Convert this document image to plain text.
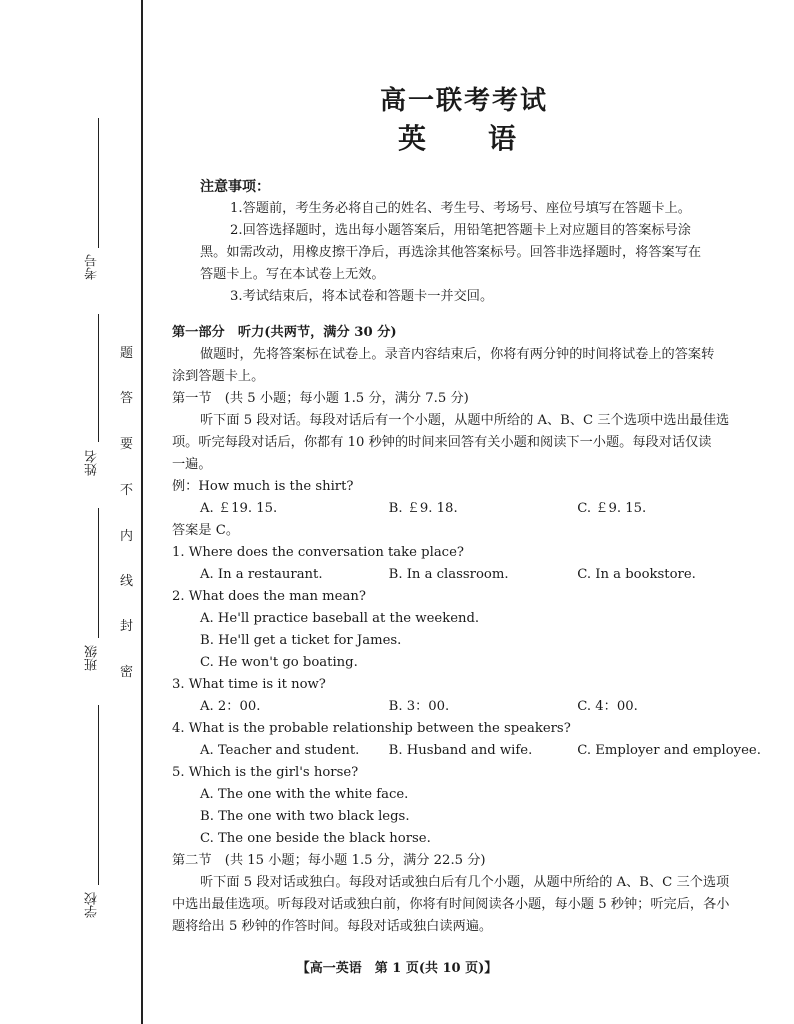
考号
姓名
班级
学校
题
答
要
不
内
线
封
密
高一联考考试
英语
注意事项：

1.答题前，考生务必将自己的姓名、考生号、考场号、座位号填写在答题卡上。

2.回答选择题时，选出每小题答案后，用铅笔把答题卡上对应题目的答案标号涂

黑。如需改动，用橡皮擦干净后，再选涂其他答案标号。回答非选择题时，将答案写在

答题卡上。写在本试卷上无效。

3.考试结束后，将本试卷和答题卡一并交回。

第一部分　听力(共两节，满分 30 分)

做题时，先将答案标在试卷上。录音内容结束后，你将有两分钟的时间将试卷上的答案转

涂到答题卡上。

第一节　(共 5 小题；每小题 1.5 分，满分 7.5 分)

听下面 5 段对话。每段对话后有一个小题，从题中所给的 A、B、C 三个选项中选出最佳选

项。听完每段对话后，你都有 10 秒钟的时间来回答有关小题和阅读下一小题。每段对话仅读

一遍。

例：How much is the shirt?

A. ￡19. 15.	B. ￡9. 18.	C. ￡9. 15.

答案是 C。

1. Where does the conversation take place?

A. In a restaurant.	B. In a classroom.	C. In a bookstore.

2. What does the man mean?

A. He'll practice baseball at the weekend.

B. He'll get a ticket for James.

C. He won't go boating.

3. What time is it now?

A. 2：00.	B. 3：00.	C. 4：00.

4. What is the probable relationship between the speakers?

A. Teacher and student.	B. Husband and wife.	C. Employer and employee.

5. Which is the girl's horse?

A. The one with the white face.

B. The one with two black legs.

C. The one beside the black horse.

第二节　(共 15 小题；每小题 1.5 分，满分 22.5 分)

听下面 5 段对话或独白。每段对话或独白后有几个小题，从题中所给的 A、B、C 三个选项

中选出最佳选项。听每段对话或独白前，你将有时间阅读各小题，每小题 5 秒钟；听完后，各小

题将给出 5 秒钟的作答时间。每段对话或独白读两遍。

【高一英语　第 1 页(共 10 页)】
